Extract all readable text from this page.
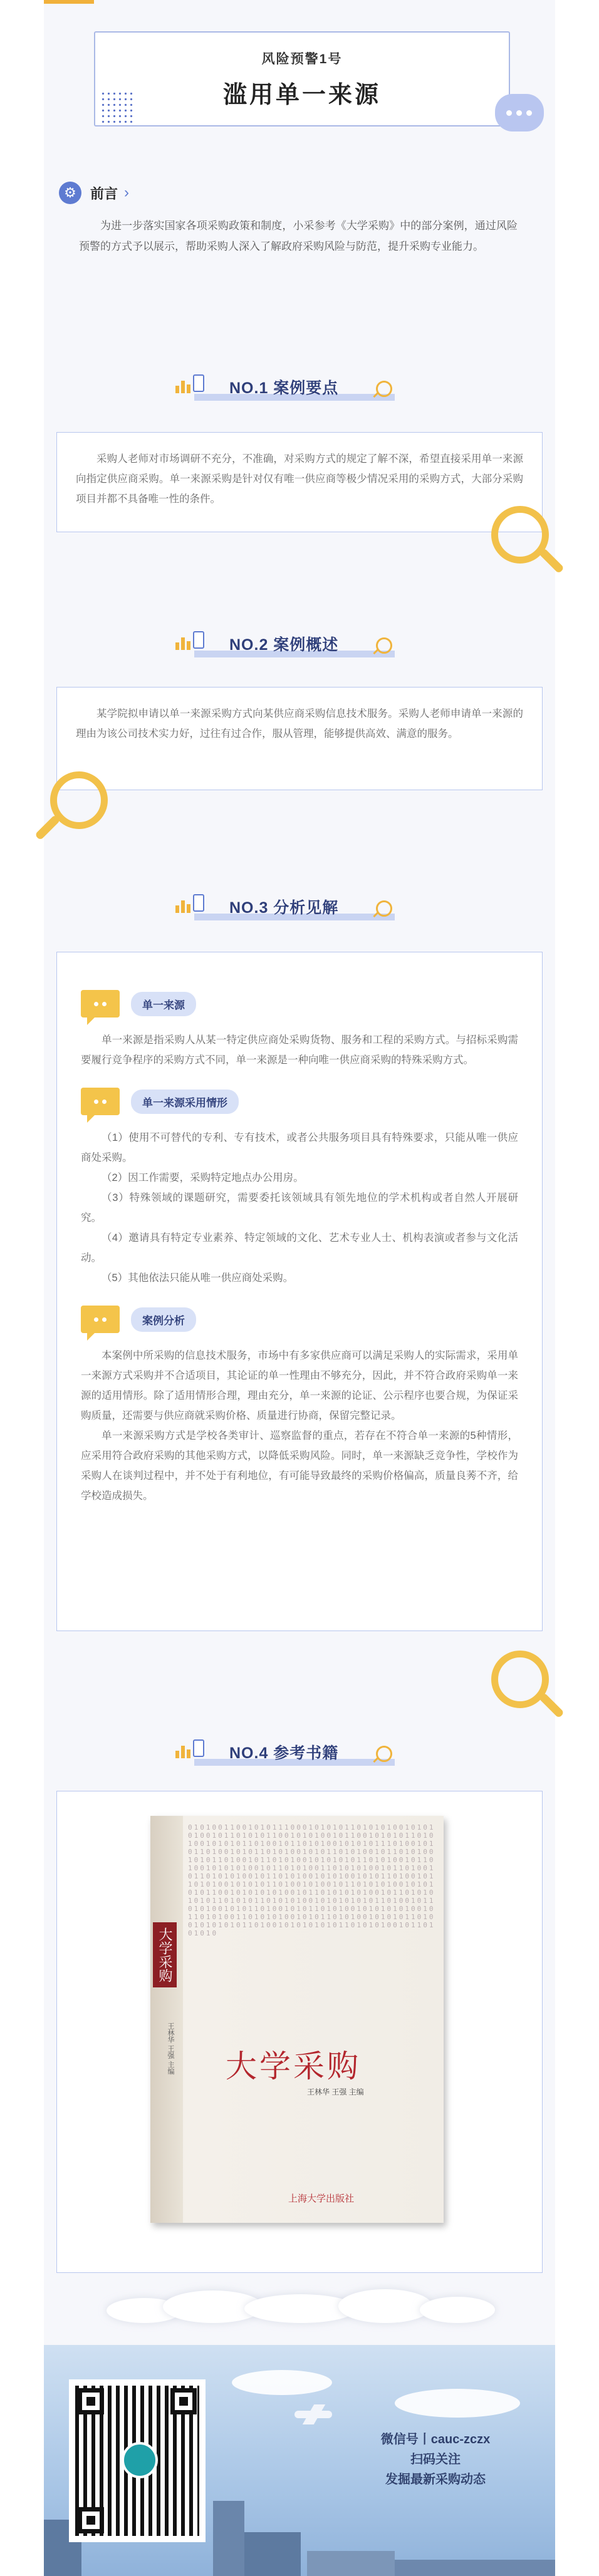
风险预警1号
滥用单一来源
⚙	前言 ›
为进一步落实国家各项采购政策和制度，小采参考《大学采购》中的部分案例，通过风险预警的方式予以展示，帮助采购人深入了解政府采购风险与防范，提升采购专业能力。
NO.1 案例要点

采购人老师对市场调研不充分，不准确，对采购方式的规定了解不深，希望直接采用单一来源向指定供应商采购。单一来源采购是针对仅有唯一供应商等极少情况采用的采购方式，大部分采购项目并都不具备唯一性的条件。

NO.2 案例概述

某学院拟申请以单一来源采购方式向某供应商采购信息技术服务。采购人老师申请单一来源的理由为该公司技术实力好，过往有过合作，服从管理，能够提供高效、满意的服务。

NO.3 分析见解
单一来源

单一来源是指采购人从某一特定供应商处采购货物、服务和工程的采购方式。与招标采购需要履行竞争程序的采购方式不同，单一来源是一种向唯一供应商采购的特殊采购方式。

单一来源采用情形

（1）使用不可替代的专利、专有技术，或者公共服务项目具有特殊要求，只能从唯一供应商处采购。

（2）因工作需要，采购特定地点办公用房。

（3）特殊领域的课题研究，需要委托该领域具有领先地位的学术机构或者自然人开展研究。

（4）邀请具有特定专业素养、特定领域的文化、艺术专业人士、机构表演或者参与文化活动。

（5）其他依法只能从唯一供应商处采购。

案例分析

本案例中所采购的信息技术服务，市场中有多家供应商可以满足采购人的实际需求，采用单一来源方式采购并不合适项目，其论证的单一性理由不够充分，因此，并不符合政府采购单一来源的适用情形。除了适用情形合理，理由充分，单一来源的论证、公示程序也要合规，为保证采购质量，还需要与供应商就采购价格、质量进行协商，保留完整记录。

单一来源采购方式是学校各类审计、巡察监督的重点，若存在不符合单一来源的5种情形，应采用符合政府采购的其他采购方式，以降低采购风险。同时，单一来源缺乏竞争性，学校作为采购人在谈判过程中，并不处于有利地位，有可能导致最终的采购价格偏高，质量良莠不齐，给学校造成损失。

NO.4 参考书籍
大学采购
王林华 王强 主编
0101001100101011100010101011010101001010101001011010101100101010010110010101011010100101010110100101101010010101011101001010110100101011010100101011010100101101010010101101001011010100101010101101010010110100101010100101101010011010101001011010010110101010010110101001010100101011010010110101001010101101001010010110101010010101010110010101010100101101010101001011010101010110101011010101001010101010110100101101010010101101001010110101001010101010010110101001101010100101011010100101010110100101010101101001010101010110101010010110101010
大学采购
王林华 王强 主编
上海大学出版社
微信号丨cauc-zczx
扫码关注
发掘最新采购动态
